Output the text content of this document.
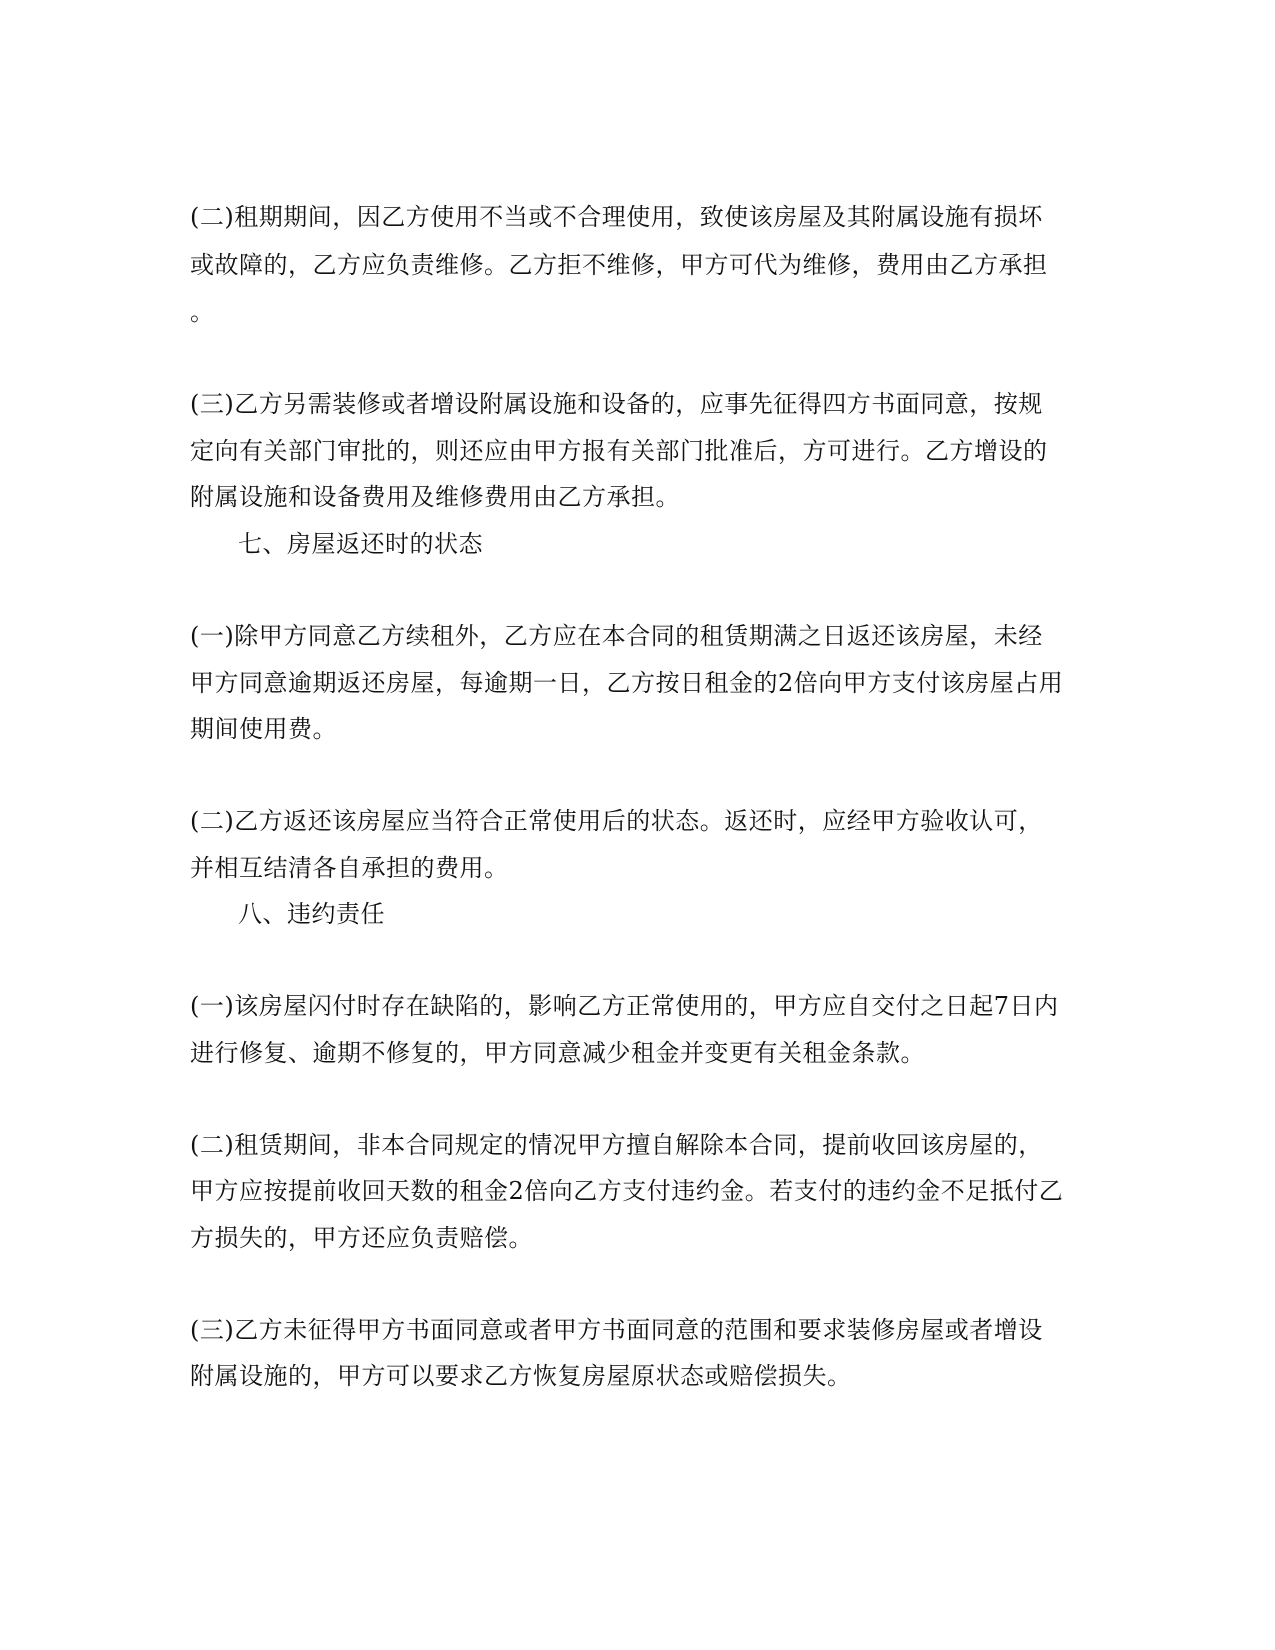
(二)租期期间，因乙方使用不当或不合理使用，致使该房屋及其附属设施有损坏
或故障的，乙方应负责维修。乙方拒不维修，甲方可代为维修，费用由乙方承担
。
(三)乙方另需装修或者增设附属设施和设备的，应事先征得四方书面同意，按规
定向有关部门审批的，则还应由甲方报有关部门批准后，方可进行。乙方增设的
附属设施和设备费用及维修费用由乙方承担。
七、房屋返还时的状态
(一)除甲方同意乙方续租外，乙方应在本合同的租赁期满之日返还该房屋，未经
甲方同意逾期返还房屋，每逾期一日，乙方按日租金的2倍向甲方支付该房屋占用
期间使用费。
(二)乙方返还该房屋应当符合正常使用后的状态。返还时，应经甲方验收认可，
并相互结清各自承担的费用。
八、违约责任
(一)该房屋闪付时存在缺陷的，影响乙方正常使用的，甲方应自交付之日起7日内
进行修复、逾期不修复的，甲方同意减少租金并变更有关租金条款。
(二)租赁期间，非本合同规定的情况甲方擅自解除本合同，提前收回该房屋的，
甲方应按提前收回天数的租金2倍向乙方支付违约金。若支付的违约金不足抵付乙
方损失的，甲方还应负责赔偿。
(三)乙方未征得甲方书面同意或者甲方书面同意的范围和要求装修房屋或者增设
附属设施的，甲方可以要求乙方恢复房屋原状态或赔偿损失。
